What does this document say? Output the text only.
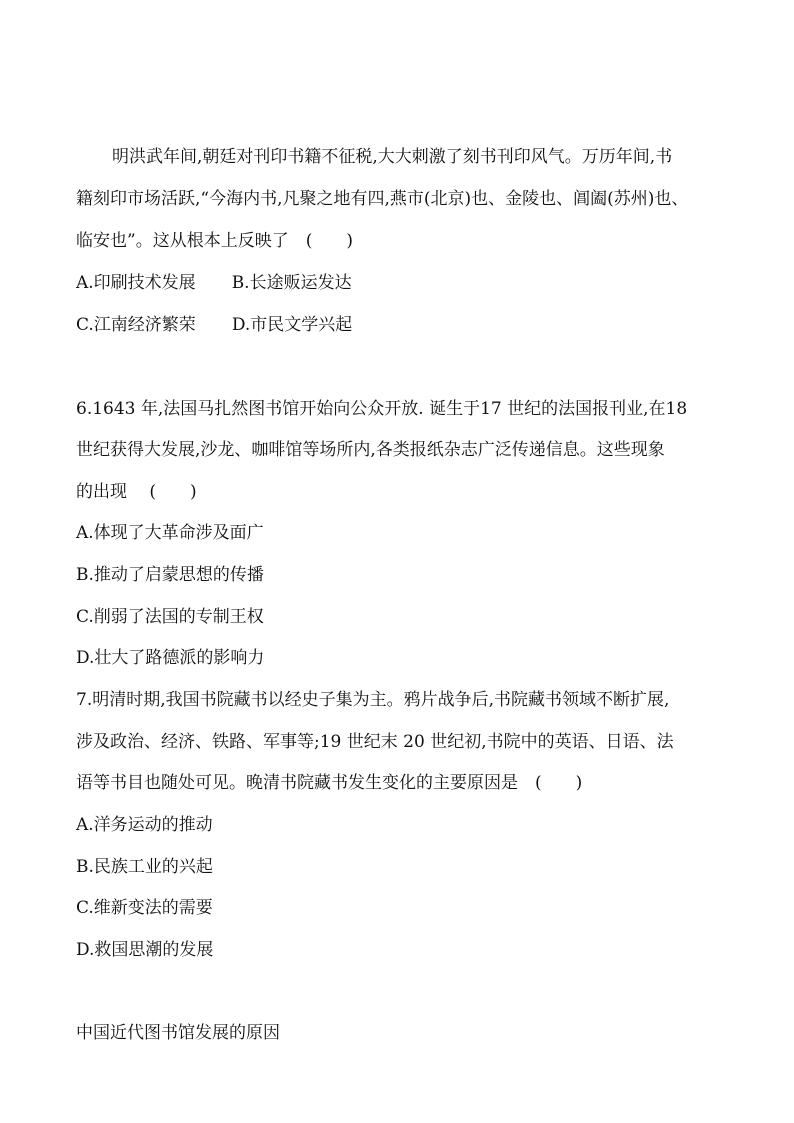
明洪武年间,朝廷对刊印书籍不征税,大大刺激了刻书刊印风气。万历年间,书
籍刻印市场活跃,“今海内书,凡聚之地有四,燕市(北京)也、金陵也、阊阖(苏州)也、
临安也”。这从根本上反映了　(　　)
A.印刷技术发展 B.长途贩运发达
C.江南经济繁荣 D.市民文学兴起
6.1643 年,法国马扎然图书馆开始向公众开放. 诞生于17 世纪的法国报刊业,在18
世纪获得大发展,沙龙、咖啡馆等场所内,各类报纸杂志广泛传递信息。这些现象
的出现　 (　　)
A.体现了大革命涉及面广
B.推动了启蒙思想的传播
C.削弱了法国的专制王权
D.壮大了路德派的影响力
7.明清时期,我国书院藏书以经史子集为主。鸦片战争后,书院藏书领域不断扩展,
涉及政治、经济、铁路、军事等;19 世纪末 20 世纪初,书院中的英语、日语、法
语等书目也随处可见。晚清书院藏书发生变化的主要原因是　(　　)
A.洋务运动的推动
B.民族工业的兴起
C.维新变法的需要
D.救国思潮的发展
中国近代图书馆发展的原因
